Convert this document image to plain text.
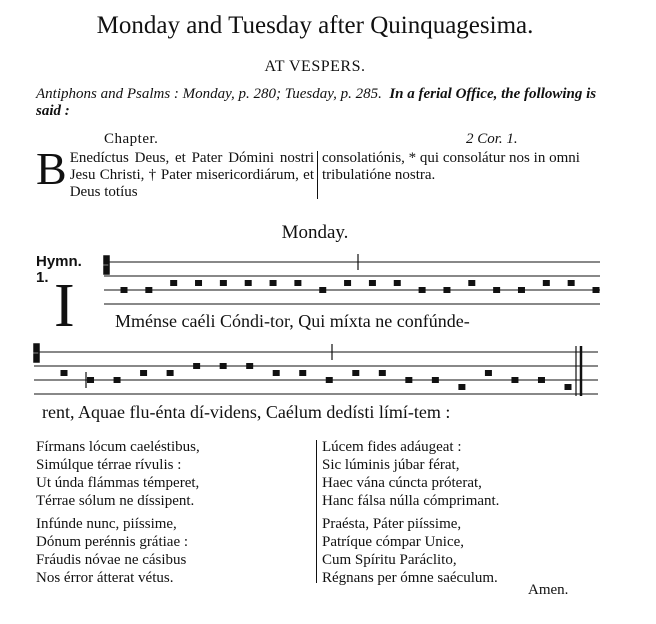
Monday and Tuesday after Quinquagesima.
AT VESPERS.
Antiphons and Psalms : Monday, p. 280; Tuesday, p. 285. In a ferial Office, the following is said :
Chapter.	2 Cor. 1.
B Enedíctus Deus, et Pater Dómini nostri Jesu Christi, † Pater misericordiárum, et Deus totíus
consolatiónis, * qui consolátur nos in omni tribulatióne nostra.
Monday.
Hymn.
1. I Mménse caéli Cóndi-tor, Qui míxta ne confúnde-
rent, Aquae flu-énta dí-videns, Caélum dedísti límí-tem :
Fírmans lócum caeléstibus,
Simúlque térrae rívulis :
Ut únda flámmas témperet,
Térrae sólum ne díssipent.
Infúnde nunc, piíssime,
Dónum perénnis grátiae :
Fráudis nóvae ne cásibus
Nos érror átterat vétus.
Lúcem fides adáugeat :
Sic lúminis júbar férat,
Haec vána cúncta próterat,
Hanc fálsa núlla cómprimant.
Praésta, Páter piíssime,
Patríque cómpar Unice,
Cum Spíritu Paráclito,
Régnans per ómne saéculum.
Amen.
